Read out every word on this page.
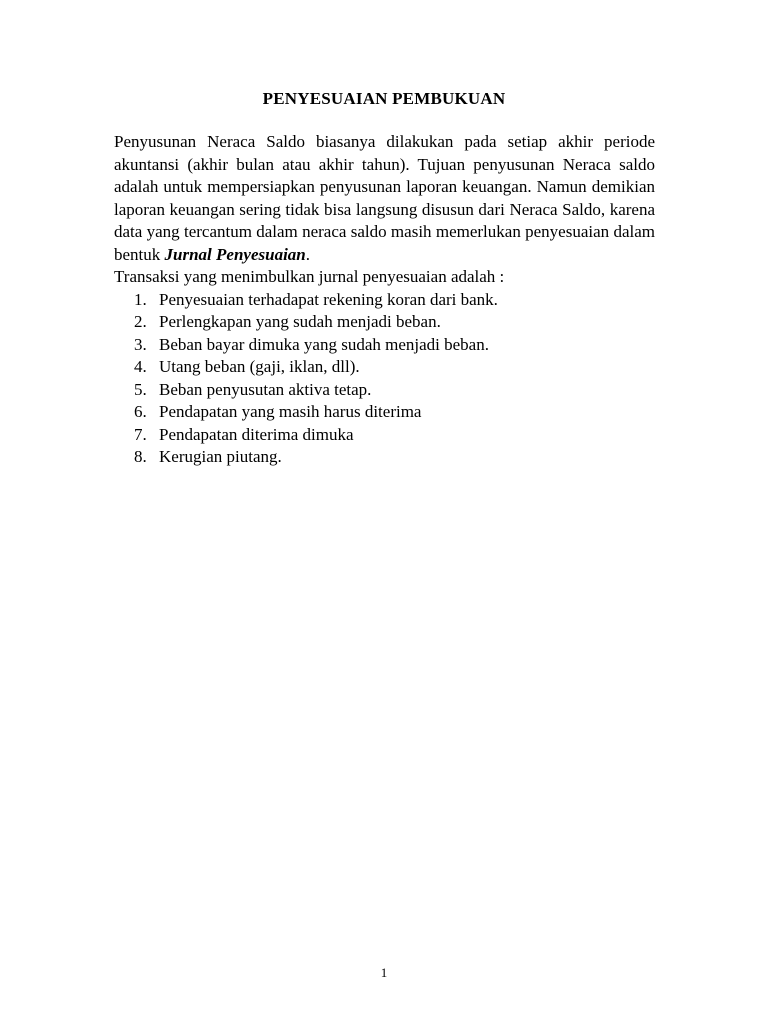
PENYESUAIAN PEMBUKUAN

Penyusunan Neraca Saldo biasanya dilakukan pada setiap akhir periode akuntansi (akhir bulan atau akhir tahun). Tujuan penyusunan Neraca saldo adalah untuk mempersiapkan penyusunan laporan keuangan. Namun demikian laporan keuangan sering tidak bisa langsung disusun dari Neraca Saldo, karena data yang tercantum dalam neraca saldo masih memerlukan penyesuaian dalam bentuk Jurnal Penyesuaian.

Transaksi yang menimbulkan jurnal penyesuaian adalah :

1. Penyesuaian terhadapat rekening koran dari bank.
2. Perlengkapan yang sudah menjadi beban.
3. Beban bayar dimuka yang sudah menjadi beban.
4. Utang beban (gaji, iklan, dll).
5. Beban penyusutan aktiva tetap.
6. Pendapatan yang masih harus diterima
7. Pendapatan diterima dimuka
8. Kerugian piutang.
1
